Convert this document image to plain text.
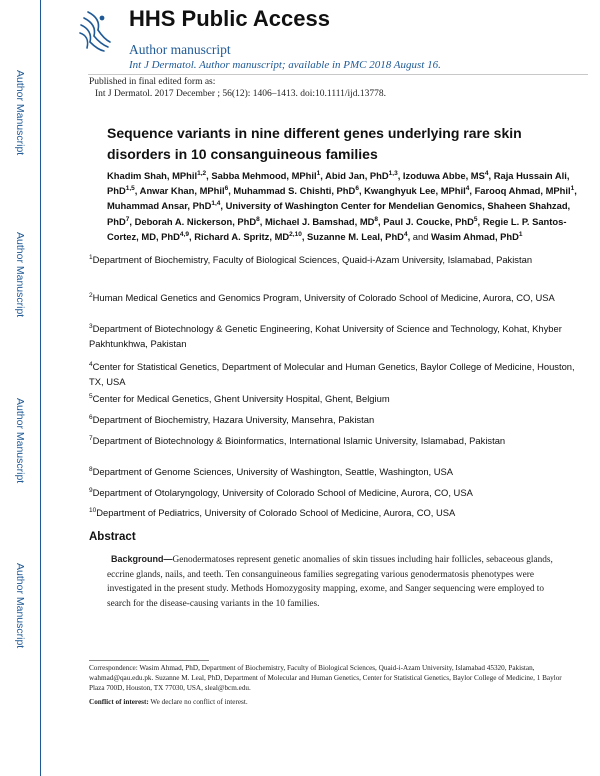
Author Manuscript
Author Manuscript
Author Manuscript
Author Manuscript
HHS Public Access
Author manuscript
Int J Dermatol. Author manuscript; available in PMC 2018 August 16.
Published in final edited form as:
Int J Dermatol. 2017 December ; 56(12): 1406–1413. doi:10.1111/ijd.13778.
Sequence variants in nine different genes underlying rare skin
disorders in 10 consanguineous families
Khadim Shah, MPhil$^{1,2}$, Sabba Mehmood, MPhil$^1$, Abid Jan, PhD$^{1,3}$, Izoduwa Abbe, $MS^4$, Raja Hussain Ali, PhD$^{1,5}$, Anwar Khan, MPhil$^6$, Muhammad S. Chishti, PhD$^6$, Kwanghyuk Lee, MPhil$^4$, Farooq Ahmad, MPhil$^1$, Muhammad Ansar, PhD$^{1,4}$, University of Washington Center for Mendelian Genomics, Shaheen Shahzad, PhD$^7$, Deborah A. Nickerson, PhD$^8$, Michael J. Bamshad, $MD^8$, Paul J. Coucke, PhD$^5$, Regie L. P. Santos-Cortez, MD, PhD$^{4,9}$, Richard A. Spritz, MD$^{2,10}$, Suzanne M. Leal, PhD$^4$, and Wasim Ahmad, PhD$^1$
$^1$Department of Biochemistry, Faculty of Biological Sciences, Quaid-i-Azam University, Islamabad, Pakistan
$^2$Human Medical Genetics and Genomics Program, University of Colorado School of Medicine, Aurora, CO, USA
$^3$Department of Biotechnology & Genetic Engineering, Kohat University of Science and Technology, Kohat, Khyber Pakhtunkhwa, Pakistan
$^4$Center for Statistical Genetics, Department of Molecular and Human Genetics, Baylor College of Medicine, Houston, TX, USA
$^5$Center for Medical Genetics, Ghent University Hospital, Ghent, Belgium
$^6$Department of Biochemistry, Hazara University, Mansehra, Pakistan
$^7$Department of Biotechnology & Bioinformatics, International Islamic University, Islamabad, Pakistan
$^8$Department of Genome Sciences, University of Washington, Seattle, Washington, USA
$^9$Department of Otolaryngology, University of Colorado School of Medicine, Aurora, CO, USA
$^{10}$Department of Pediatrics, University of Colorado School of Medicine, Aurora, CO, USA
Abstract
Background—Genodermatoses represent genetic anomalies of skin tissues including hair follicles, sebaceous glands, eccrine glands, nails, and teeth. Ten consanguineous families segregating various genodermatosis phenotypes were investigated in the present study. Methods Homozygosity mapping, exome, and Sanger sequencing were employed to search for the disease-causing variants in the 10 families.
Correspondence: Wasim Ahmad, PhD, Department of Biochemistry, Faculty of Biological Sciences, Quaid-i-Azam University, Islamabad 45320, Pakistan, wahmad@qau.edu.pk. Suzanne M. Leal, PhD, Department of Molecular and Human Genetics, Center for Statistical Genetics, Baylor College of Medicine, 1 Baylor Plaza 700D, Houston, TX 77030, USA, sleal@bcm.edu.
Conflict of interest: We declare no conflict of interest.
